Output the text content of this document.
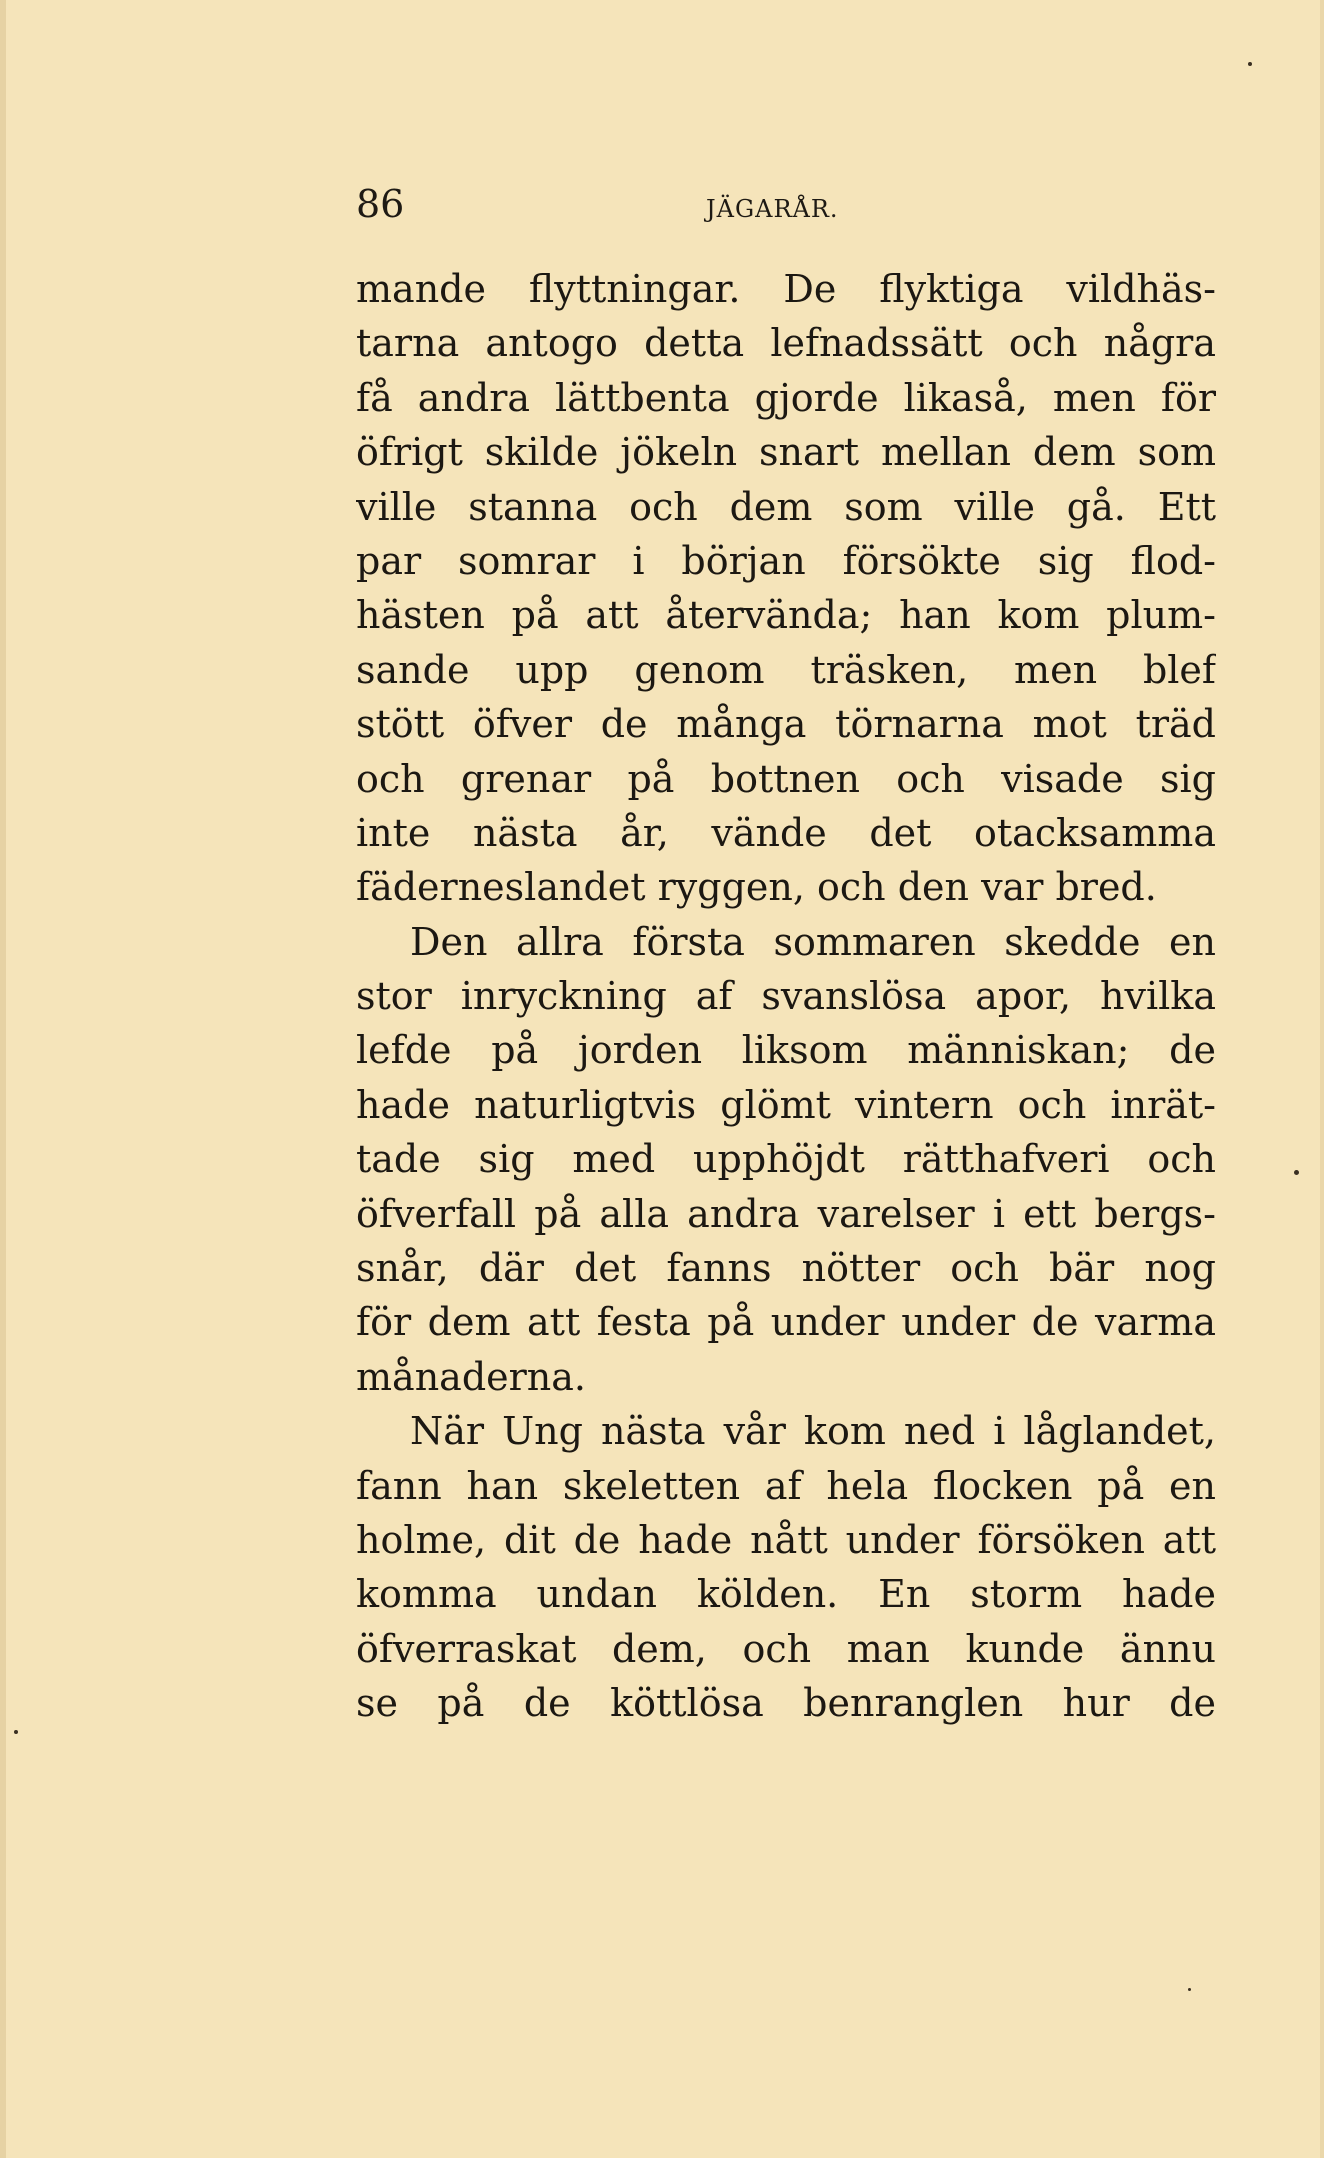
86	JÄGARÅR.
mande flyttningar. De flyktiga vildhäs-
tarna antogo detta lefnadssätt och några
få andra lättbenta gjorde likaså, men för
öfrigt skilde jökeln snart mellan dem som
ville stanna och dem som ville gå. Ett
par somrar i början försökte sig flod-
hästen på att återvända; han kom plum-
sande upp genom träsken, men blef
stött öfver de många törnarna mot träd
och grenar på bottnen och visade sig
inte nästa år, vände det otacksamma
fäderneslandet ryggen, och den var bred.
Den allra första sommaren skedde en
stor inryckning af svanslösa apor, hvilka
lefde på jorden liksom människan; de
hade naturligtvis glömt vintern och inrät-
tade sig med upphöjdt rätthafveri och
öfverfall på alla andra varelser i ett bergs-
snår, där det fanns nötter och bär nog
för dem att festa på under under de varma
månaderna.
När Ung nästa vår kom ned i låglandet,
fann han skeletten af hela flocken på en
holme, dit de hade nått under försöken att
komma undan kölden. En storm hade
öfverraskat dem, och man kunde ännu
se på de köttlösa benranglen hur de
